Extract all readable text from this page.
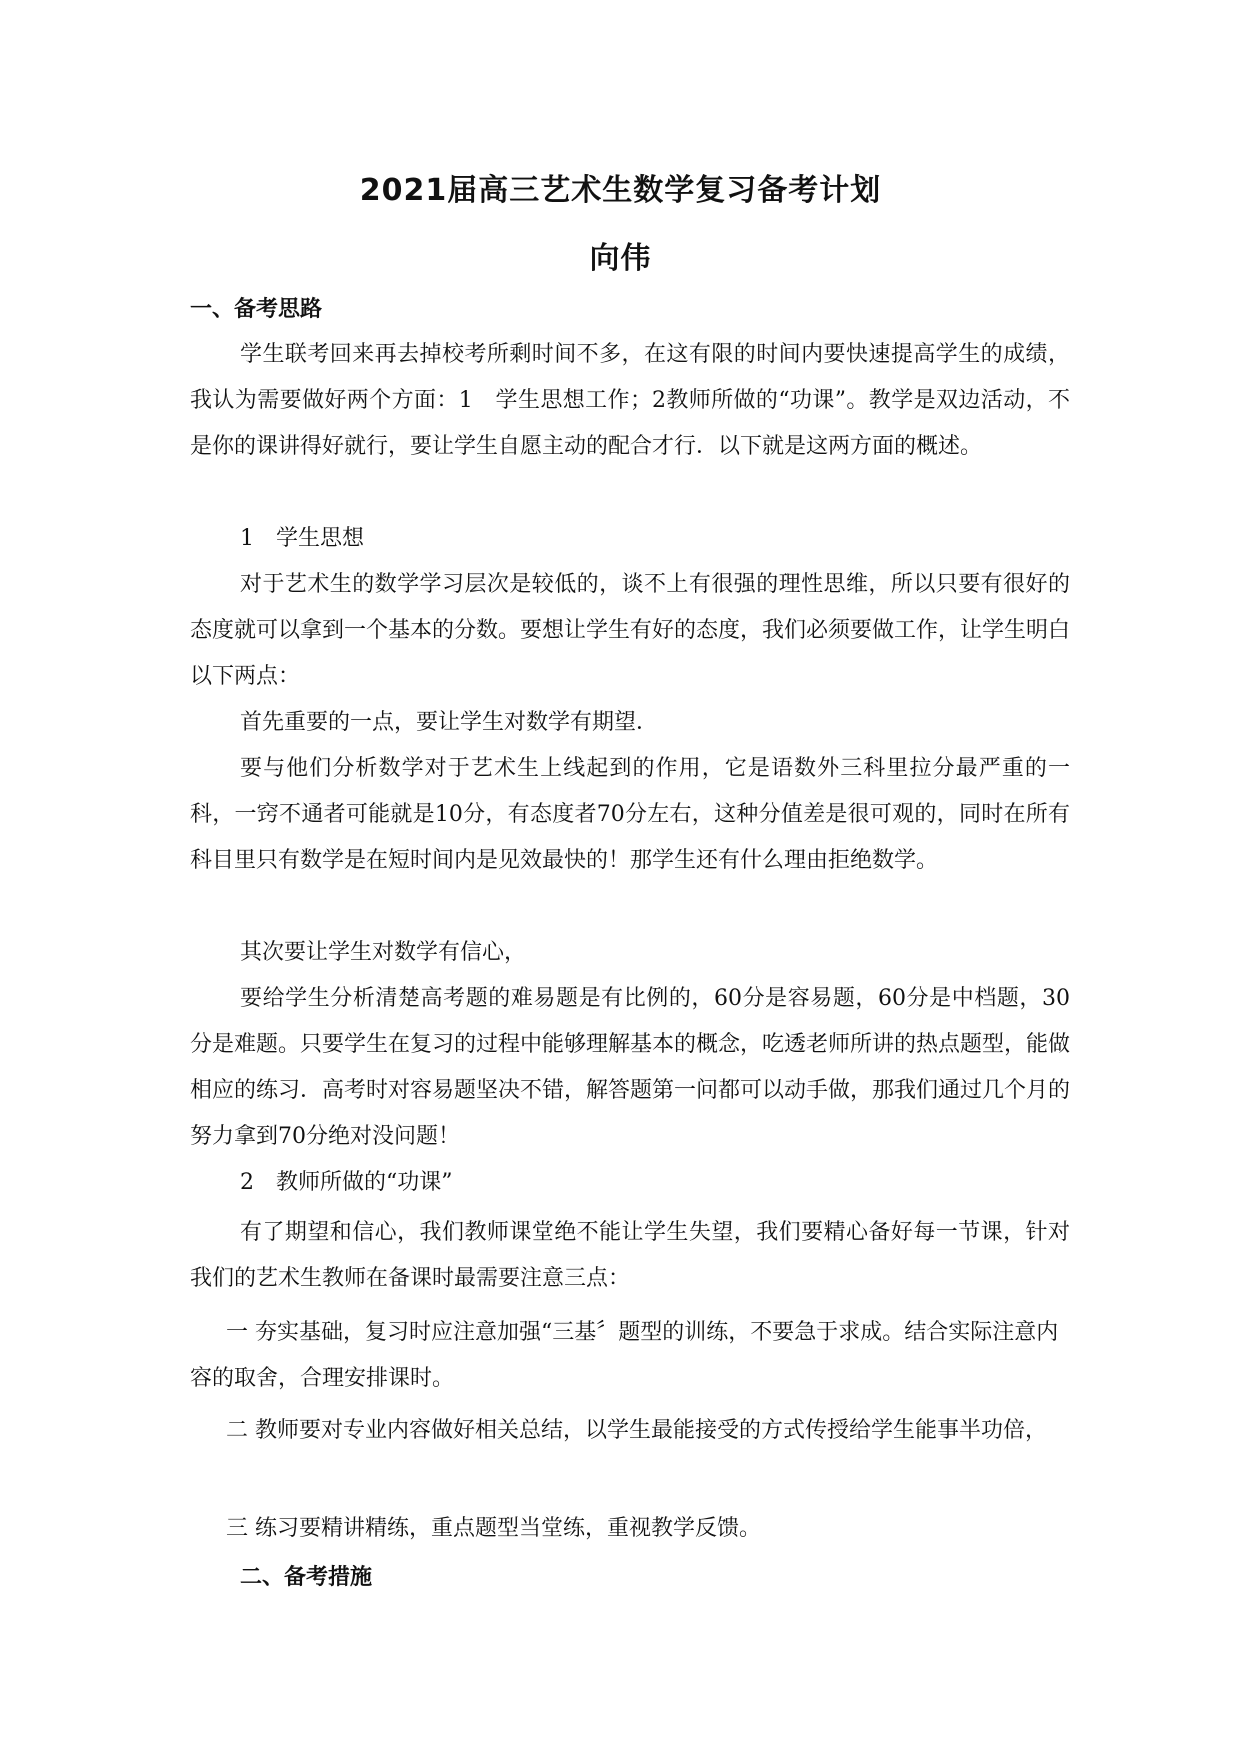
2021届高三艺术生数学复习备考计划
向伟
一、备考思路
学生联考回来再去掉校考所剩时间不多，在这有限的时间内要快速提高学生的成绩，我认为需要做好两个方面：1　学生思想工作；2教师所做的“功课”。教学是双边活动，不是你的课讲得好就行，要让学生自愿主动的配合才行．以下就是这两方面的概述。
1　学生思想
对于艺术生的数学学习层次是较低的，谈不上有很强的理性思维，所以只要有很好的态度就可以拿到一个基本的分数。要想让学生有好的态度，我们必须要做工作，让学生明白以下两点：
首先重要的一点，要让学生对数学有期望．
要与他们分析数学对于艺术生上线起到的作用，它是语数外三科里拉分最严重的一科，一窍不通者可能就是10分，有态度者70分左右，这种分值差是很可观的，同时在所有科目里只有数学是在短时间内是见效最快的！那学生还有什么理由拒绝数学。
其次要让学生对数学有信心，
要给学生分析清楚高考题的难易题是有比例的，60分是容易题，60分是中档题，30分是难题。只要学生在复习的过程中能够理解基本的概念，吃透老师所讲的热点题型，能做相应的练习．高考时对容易题坚决不错，解答题第一问都可以动手做，那我们通过几个月的努力拿到70分绝对没问题！
2　教师所做的“功课”
有了期望和信心，我们教师课堂绝不能让学生失望，我们要精心备好每一节课，针对我们的艺术生教师在备课时最需要注意三点：
一 夯实基础，复习时应注意加强“三基〞题型的训练，不要急于求成。结合实际注意内容的取舍，合理安排课时。
二 教师要对专业内容做好相关总结，以学生最能接受的方式传授给学生能事半功倍，
三 练习要精讲精练，重点题型当堂练，重视教学反馈。
二、备考措施
